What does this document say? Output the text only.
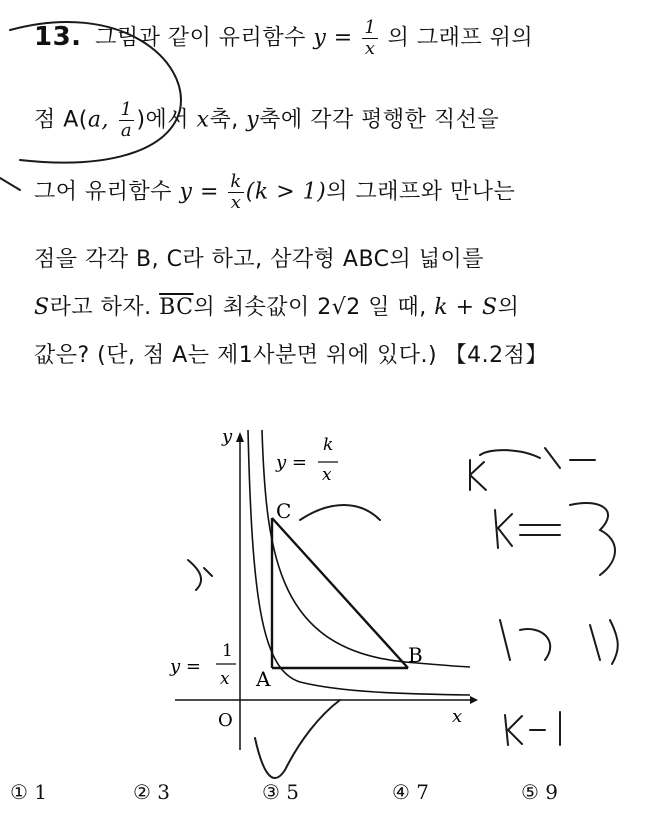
13. 그림과 같이 유리함수 $y = \frac{1}{x}$ 의 그래프 위의
점 A(a, $\frac{1}{a}$ )에서 x축, y축에 각각 평행한 직선을
그어 유리함수 $y = \frac{k}{x} (k > 1)$의 그래프와 만나는
점을 각각 B, C라 하고, 삼각형 ABC의 넓이를
S라고 하자. $\overline{BC}$의 최솟값이 2√2 일 때, k + S의
값은? (단, 점 A는 제1사분면 위에 있다.) 【4.2점】
y
x
O
A
B
C
y =
k
x
y =
1
x
① 1	② 3	③ 5	④ 7	⑤ 9
